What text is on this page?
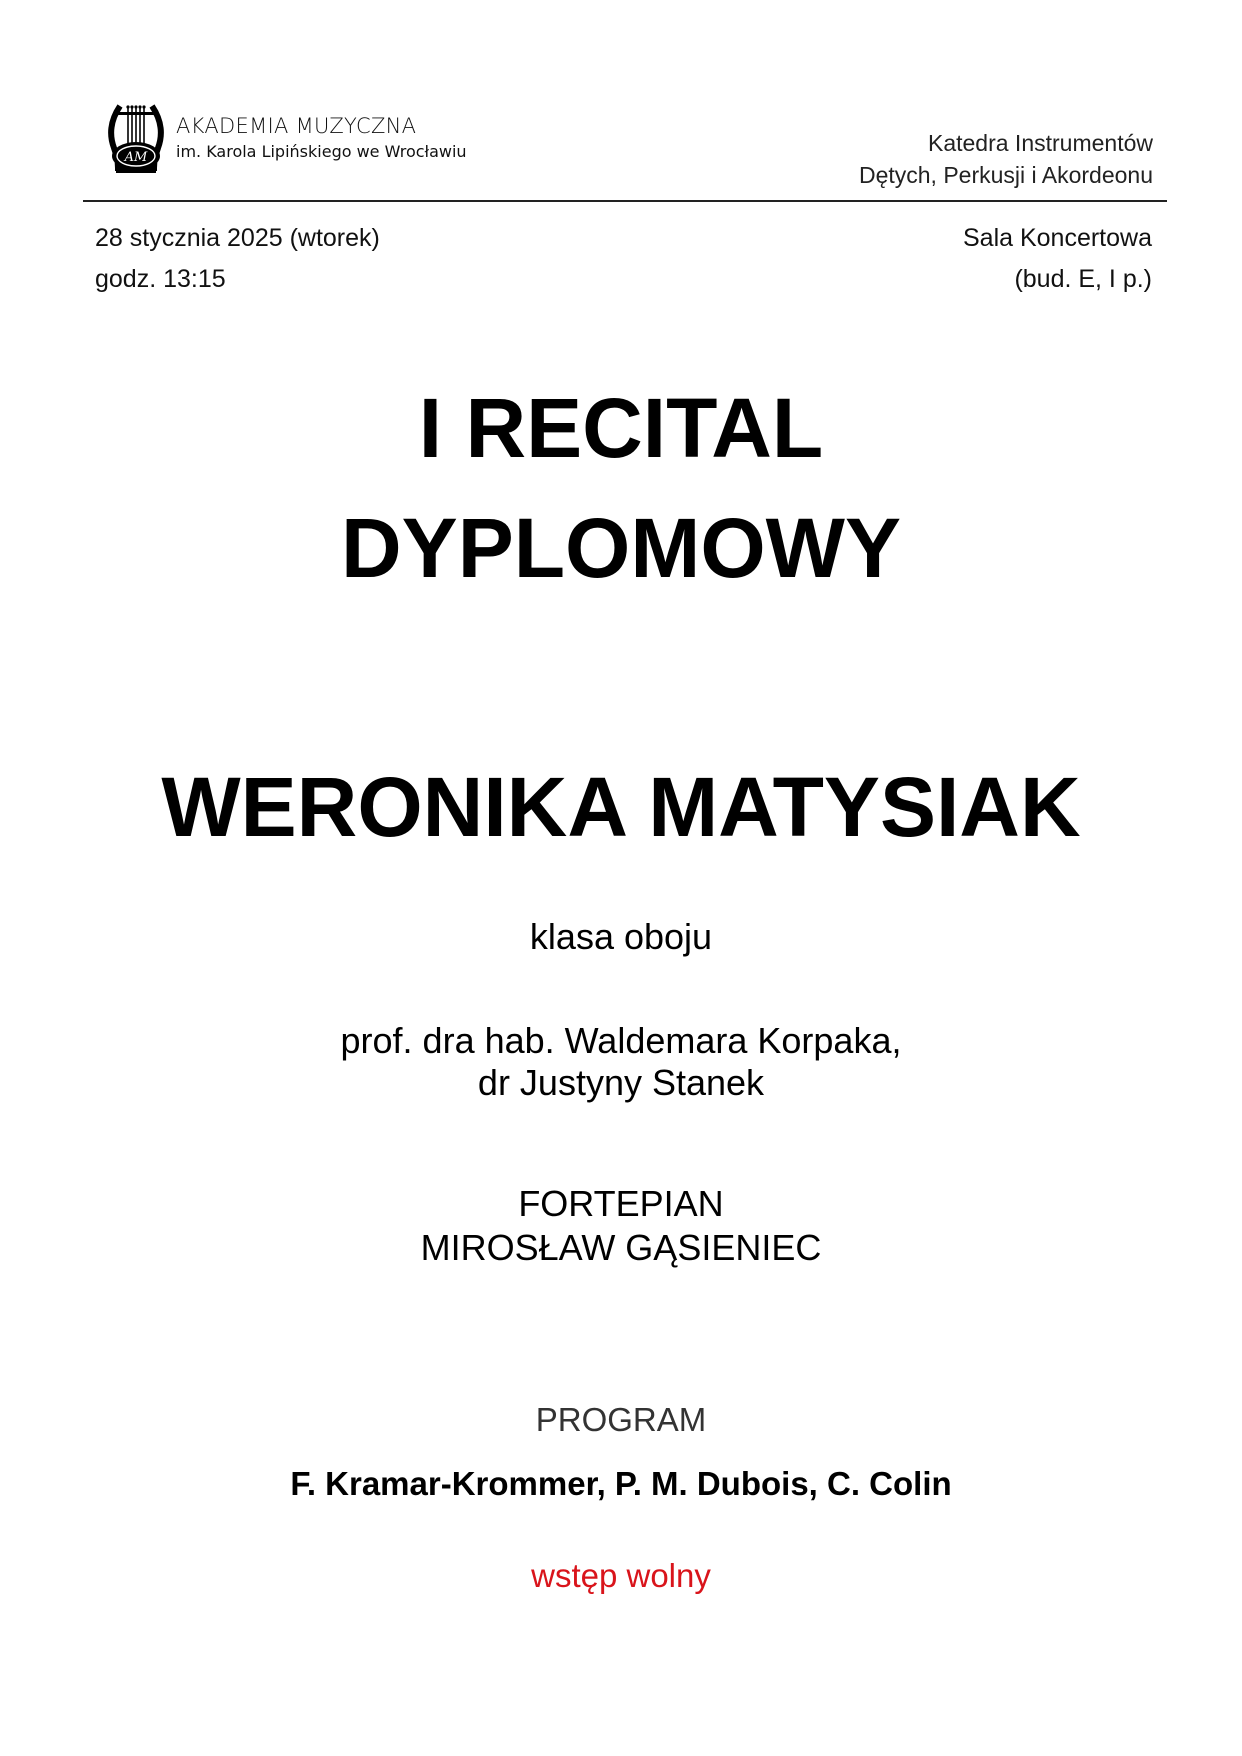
AM
AKADEMIA MUZYCZNA
im. Karola Lipińskiego we Wrocławiu	Katedra Instrumentów
Dętych, Perkusji i Akordeonu
28 stycznia 2025 (wtorek)
godz. 13:15
Sala Koncertowa
(bud. E, I p.)
I RECITAL
DYPLOMOWY
WERONIKA MATYSIAK
klasa oboju
prof. dra hab. Waldemara Korpaka,
dr Justyny Stanek
FORTEPIAN
MIROSŁAW GĄSIENIEC
PROGRAM
F. Kramar-Krommer, P. M. Dubois, C. Colin
wstęp wolny
